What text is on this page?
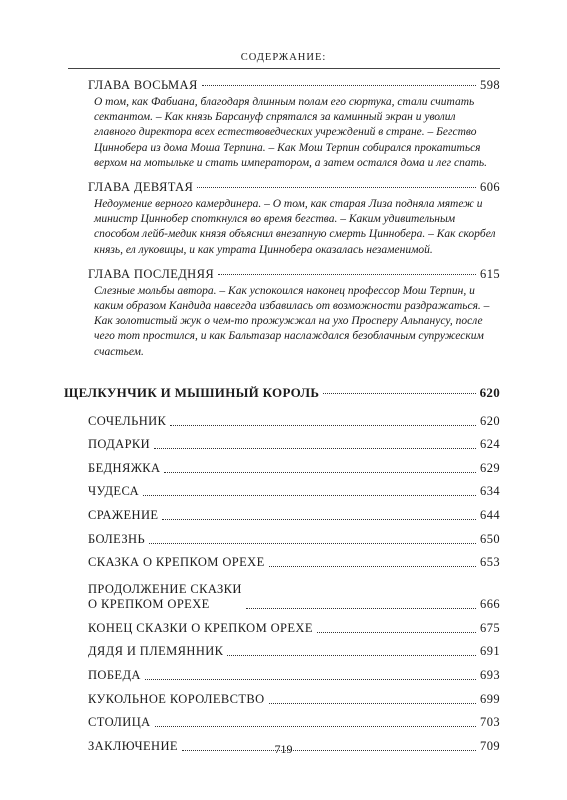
СОДЕРЖАНИЕ:
ГЛАВА ВОСЬМАЯ	598
О том, как Фабиана, благодаря длинным полам его сюртука, стали считать сектантом. – Как князь Барсануф спрятался за каминный экран и уволил главного директора всех естествоведческих учреждений в стране. – Бегство Циннобера из дома Моша Терпина. – Как Мош Терпин собирался прокатиться верхом на мотыльке и стать императором, а затем остался дома и лег спать.
ГЛАВА ДЕВЯТАЯ	606
Недоумение верного камердинера. – О том, как старая Лиза подняла мятеж и министр Циннобер споткнулся во время бегства. – Каким удивительным способом лейб-медик князя объяснил внезапную смерть Циннобера. – Как скорбел князь, ел луковицы, и как утрата Циннобера оказалась незаменимой.
ГЛАВА ПОСЛЕДНЯЯ	615
Слезные мольбы автора. – Как успокоился наконец профессор Мош Терпин, и каким образом Кандида навсегда избавилась от возможности раздражаться. – Как золотистый жук о чем-то прожужжал на ухо Просперу Альпанусу, после чего тот простился, и как Бальтазар наслаждался безоблачным супружеским счастьем.
ЩЕЛКУНЧИК И МЫШИНЫЙ КОРОЛЬ	620
СОЧЕЛЬНИК	620
ПОДАРКИ	624
БЕДНЯЖКА	629
ЧУДЕСА	634
СРАЖЕНИЕ	644
БОЛЕЗНЬ	650
СКАЗКА О КРЕПКОМ ОРЕХЕ	653
ПРОДОЛЖЕНИЕ СКАЗКИ
О КРЕПКОМ ОРЕХЕ	666
КОНЕЦ СКАЗКИ О КРЕПКОМ ОРЕХЕ	675
ДЯДЯ И ПЛЕМЯННИК	691
ПОБЕДА	693
КУКОЛЬНОЕ КОРОЛЕВСТВО	699
СТОЛИЦА	703
ЗАКЛЮЧЕНИЕ	709
719
